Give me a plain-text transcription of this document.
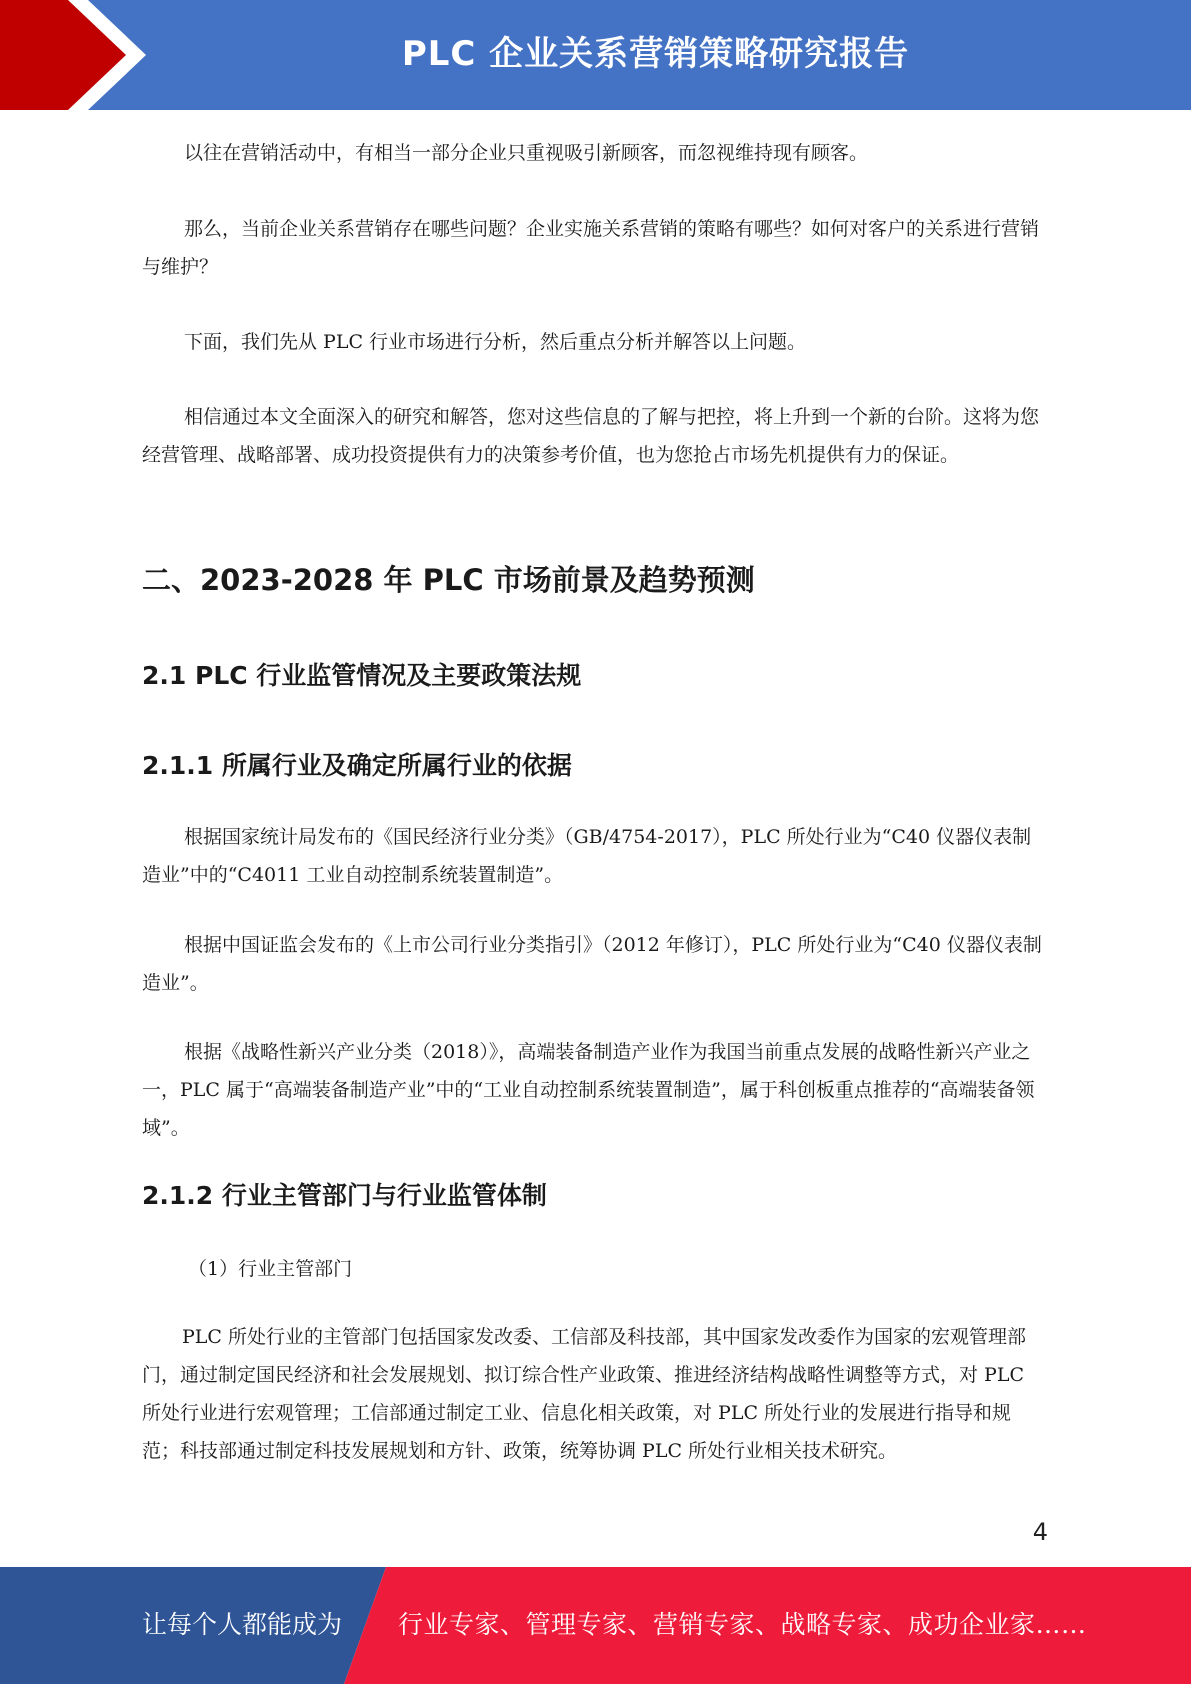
PLC 企业关系营销策略研究报告

以往在营销活动中，有相当一部分企业只重视吸引新顾客，而忽视维持现有顾客。

那么，当前企业关系营销存在哪些问题？企业实施关系营销的策略有哪些？如何对客户的关系进行营销与维护？

下面，我们先从 PLC 行业市场进行分析，然后重点分析并解答以上问题。

相信通过本文全面深入的研究和解答，您对这些信息的了解与把控，将上升到一个新的台阶。这将为您经营管理、战略部署、成功投资提供有力的决策参考价值，也为您抢占市场先机提供有力的保证。

二、2023-2028 年 PLC 市场前景及趋势预测
2.1 PLC 行业监管情况及主要政策法规
2.1.1 所属行业及确定所属行业的依据

根据国家统计局发布的《国民经济行业分类》（GB/4754-2017），PLC 所处行业为“C40 仪器仪表制造业”中的“C4011 工业自动控制系统装置制造”。

根据中国证监会发布的《上市公司行业分类指引》（2012 年修订），PLC 所处行业为“C40 仪器仪表制造业”。

根据《战略性新兴产业分类（2018）》，高端装备制造产业作为我国当前重点发展的战略性新兴产业之一，PLC 属于“高端装备制造产业”中的“工业自动控制系统装置制造”，属于科创板重点推荐的“高端装备领域”。

2.1.2 行业主管部门与行业监管体制

（1）行业主管部门

PLC 所处行业的主管部门包括国家发改委、工信部及科技部，其中国家发改委作为国家的宏观管理部门，通过制定国民经济和社会发展规划、拟订综合性产业政策、推进经济结构战略性调整等方式，对 PLC 所处行业进行宏观管理；工信部通过制定工业、信息化相关政策，对 PLC 所处行业的发展进行指导和规范；科技部通过制定科技发展规划和方针、政策，统筹协调 PLC 所处行业相关技术研究。

4
让每个人都能成为 行业专家、管理专家、营销专家、战略专家、成功企业家……
